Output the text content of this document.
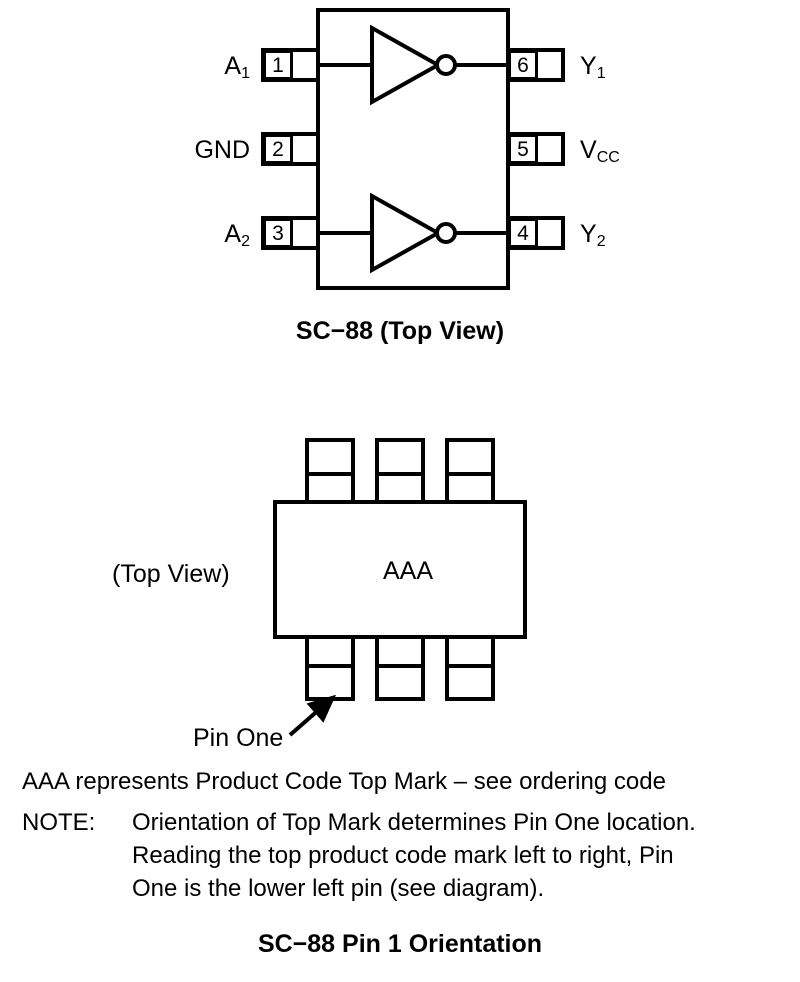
1
2
3
6
5
4
$A_1$
GND
$A_2$
$Y_1$
$V_{CC}$
$Y_2$
SC−88 (Top View)
AAA
(Top View)
Pin One

AAA represents Product Code Top Mark – see ordering code

NOTE:	Orientation of Top Mark determines Pin One location.

Reading the top product code mark left to right, Pin

One is the lower left pin (see diagram).

SC−88 Pin 1 Orientation
